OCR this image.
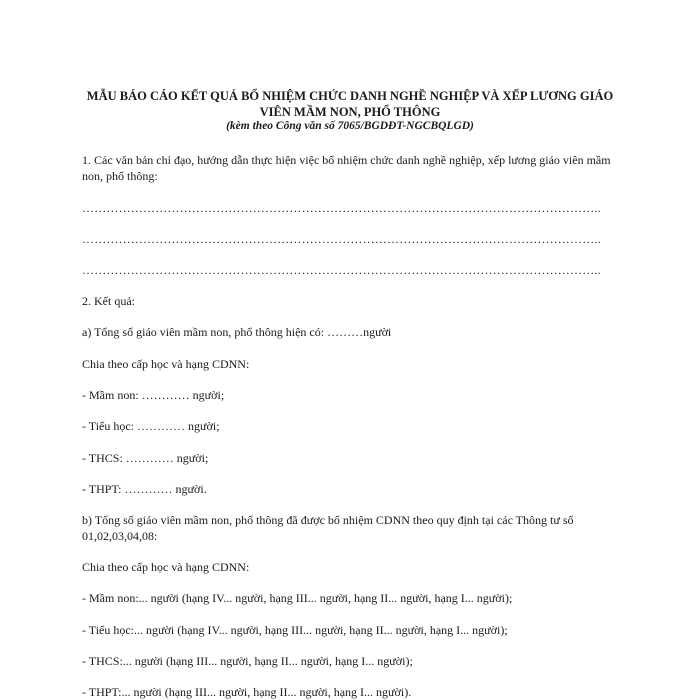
MẪU BÁO CÁO KẾT QUẢ BỔ NHIỆM CHỨC DANH NGHỀ NGHIỆP VÀ XẾP LƯƠNG GIÁO

VIÊN MẦM NON, PHỔ THÔNG

(kèm theo Công văn số 7065/BGDĐT-NGCBQLGD)

1. Các văn bản chỉ đạo, hướng dẫn thực hiện việc bổ nhiệm chức danh nghề nghiệp, xếp lương giáo viên mầm non, phổ thông:

………………………………………………………………………………………………………………..

………………………………………………………………………………………………………………..

………………………………………………………………………………………………………………..

2. Kết quả:

a) Tổng số giáo viên mầm non, phổ thông hiện có: ………người

Chia theo cấp học và hạng CDNN:

- Mầm non: ………… người;

- Tiểu học: ………… người;

- THCS: ………… người;

- THPT: ………… người.

b) Tổng số giáo viên mầm non, phổ thông đã được bổ nhiệm CDNN theo quy định tại các Thông tư số 01,02,03,04,08:

Chia theo cấp học và hạng CDNN:

- Mầm non:... người (hạng IV... người, hạng III... người, hạng II... người, hạng I... người);

- Tiểu học:... người (hạng IV... người, hạng III... người, hạng II... người, hạng I... người);

- THCS:... người (hạng III... người, hạng II... người, hạng I... người);

- THPT:... người (hạng III... người, hạng II... người, hạng I... người).
